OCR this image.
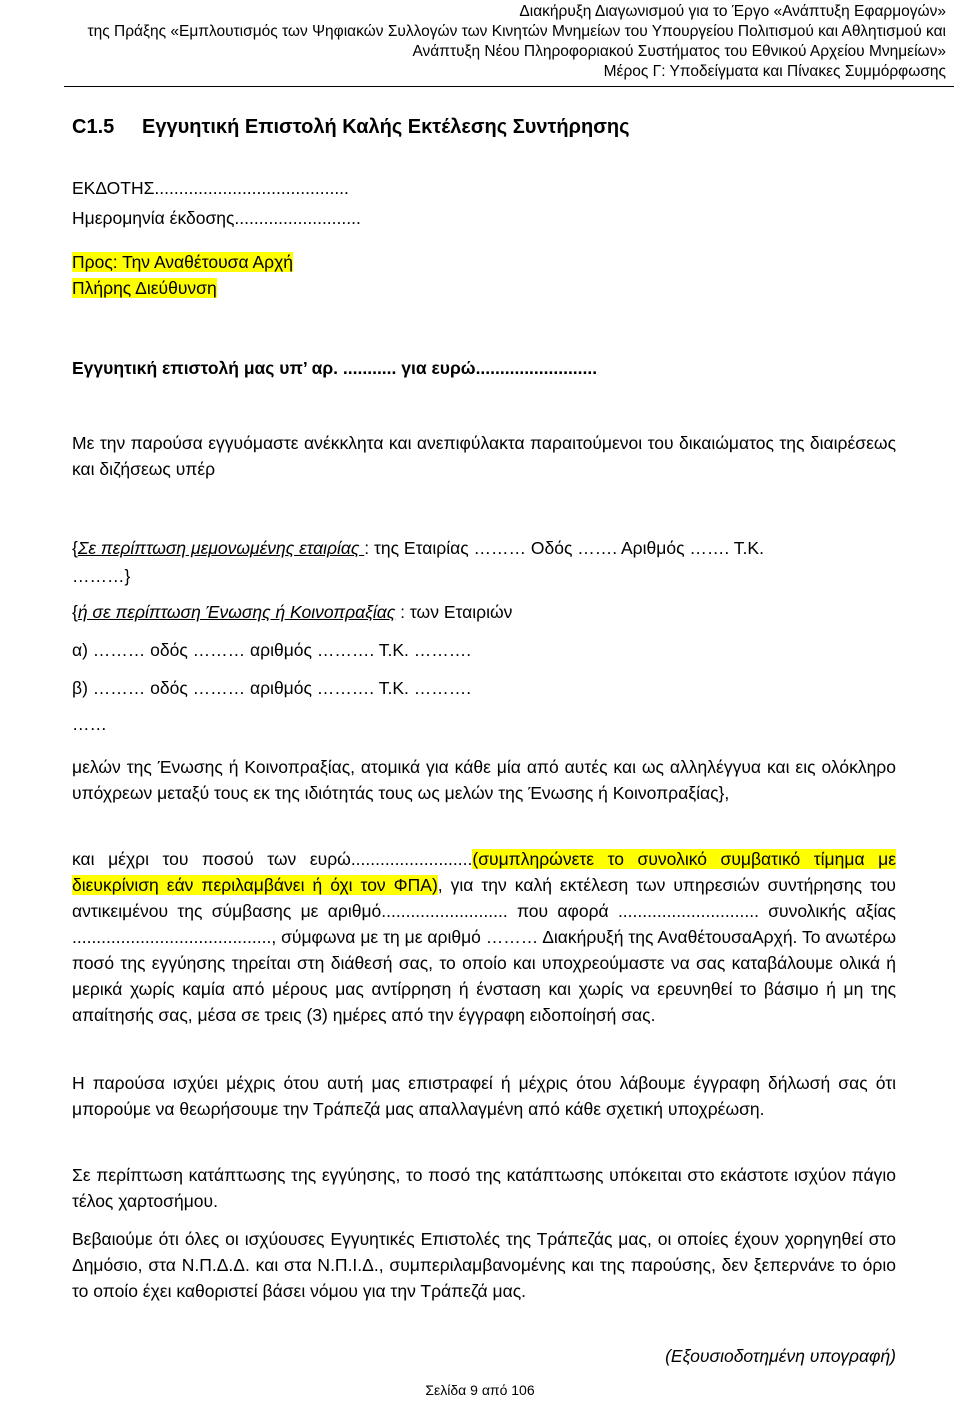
Διακήρυξη Διαγωνισμού για το Έργο «Ανάπτυξη Εφαρμογών»
της Πράξης «Εμπλουτισμός των Ψηφιακών Συλλογών των Κινητών Μνημείων του Υπουργείου Πολιτισμού και Αθλητισμού και
Ανάπτυξη Νέου Πληροφοριακού Συστήματος του Εθνικού Αρχείου Μνημείων»
Μέρος Γ: Υποδείγματα και Πίνακες Συμμόρφωσης
C1.5 Εγγυητική Επιστολή Καλής Εκτέλεσης Συντήρησης
ΕΚΔΟΤΗΣ........................................
Ημερομηνία έκδοσης..........................
Προς: Την Αναθέτουσα Αρχή
Πλήρης Διεύθυνση
Εγγυητική επιστολή μας υπ’ αρ. ........... για ευρώ.........................

Με την παρούσα εγγυόμαστε ανέκκλητα και ανεπιφύλακτα παραιτούμενοι του δικαιώματος της διαιρέσεως και διζήσεως υπέρ

{Σε περίπτωση μεμονωμένης εταιρίας : της Εταιρίας ……… Οδός ……. Αριθμός ……. Τ.Κ.
………}
{ή σε περίπτωση Ένωσης ή Κοινοπραξίας : των Εταιριών
α) ……… οδός ……… αριθμός ………. Τ.Κ. ……….
β) ……… οδός ……… αριθμός ………. Τ.Κ. ……….
……

μελών της Ένωσης ή Κοινοπραξίας, ατομικά για κάθε μία από αυτές και ως αλληλέγγυα και εις ολόκληρο υπόχρεων μεταξύ τους εκ της ιδιότητάς τους ως μελών της Ένωσης ή Κοινοπραξίας},

και μέχρι του ποσού των ευρώ.........................(συμπληρώνετε το συνολικό συμβατικό τίμημα με διευκρίνιση εάν περιλαμβάνει ή όχι τον ΦΠΑ), για την καλή εκτέλεση των υπηρεσιών συντήρησης του αντικειμένου της σύμβασης με αριθμό.......................... που αφορά ............................. συνολικής αξίας ........................................., σύμφωνα με τη με αριθμό ……… Διακήρυξή της ΑναθέτουσαΑρχή. Το ανωτέρω ποσό της εγγύησης τηρείται στη διάθεσή σας, το οποίο και υποχρεούμαστε να σας καταβάλουμε ολικά ή μερικά χωρίς καμία από μέρους μας αντίρρηση ή ένσταση και χωρίς να ερευνηθεί το βάσιμο ή μη της απαίτησής σας, μέσα σε τρεις (3) ημέρες από την έγγραφη ειδοποίησή σας.

Η παρούσα ισχύει μέχρις ότου αυτή μας επιστραφεί ή μέχρις ότου λάβουμε έγγραφη δήλωσή σας ότι μπορούμε να θεωρήσουμε την Τράπεζά μας απαλλαγμένη από κάθε σχετική υποχρέωση.

Σε περίπτωση κατάπτωσης της εγγύησης, το ποσό της κατάπτωσης υπόκειται στο εκάστοτε ισχύον πάγιο τέλος χαρτοσήμου.

Βεβαιούμε ότι όλες οι ισχύουσες Εγγυητικές Επιστολές της Τράπεζάς μας, οι οποίες έχουν χορηγηθεί στο Δημόσιο, στα Ν.Π.Δ.Δ. και στα Ν.Π.Ι.Δ., συμπεριλαμβανομένης και της παρούσης, δεν ξεπερνάνε το όριο το οποίο έχει καθοριστεί βάσει νόμου για την Τράπεζά μας.

(Εξουσιοδοτημένη υπογραφή)
Σελίδα 9 από 106
